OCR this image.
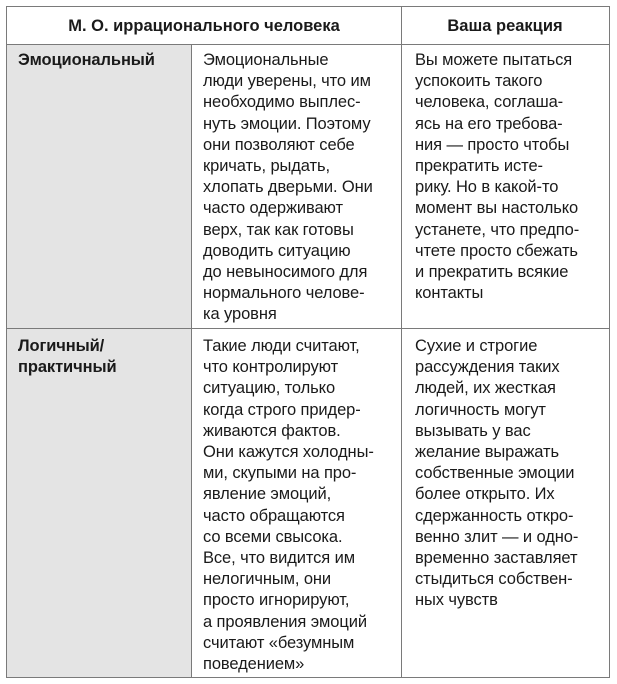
М. О. иррационального человека	Ваша реакция
Эмоциональный	Эмоциональные
люди уверены, что им
необходимо выплес-
нуть эмоции. Поэтому
они позволяют себе
кричать, рыдать,
хлопать дверьми. Они
часто одерживают
верх, так как готовы
доводить ситуацию
до невыносимого для
нормального челове-
ка уровня
Вы можете пытаться
успокоить такого
человека, соглаша-
ясь на его требова-
ния — просто чтобы
прекратить исте-
рику. Но в какой-то
момент вы настолько
устанете, что предпо-
чтете просто сбежать
и прекратить всякие
контакты
Логичный/
практичный
Такие люди считают,
что контролируют
ситуацию, только
когда строго придер-
живаются фактов.
Они кажутся холодны-
ми, скупыми на про-
явление эмоций,
часто обращаются
со всеми свысока.
Все, что видится им
нелогичным, они
просто игнорируют,
а проявления эмоций
считают «безумным
поведением»
Сухие и строгие
рассуждения таких
людей, их жесткая
логичность могут
вызывать у вас
желание выражать
собственные эмоции
более открыто. Их
сдержанность откро-
венно злит — и одно-
временно заставляет
стыдиться собствен-
ных чувств
